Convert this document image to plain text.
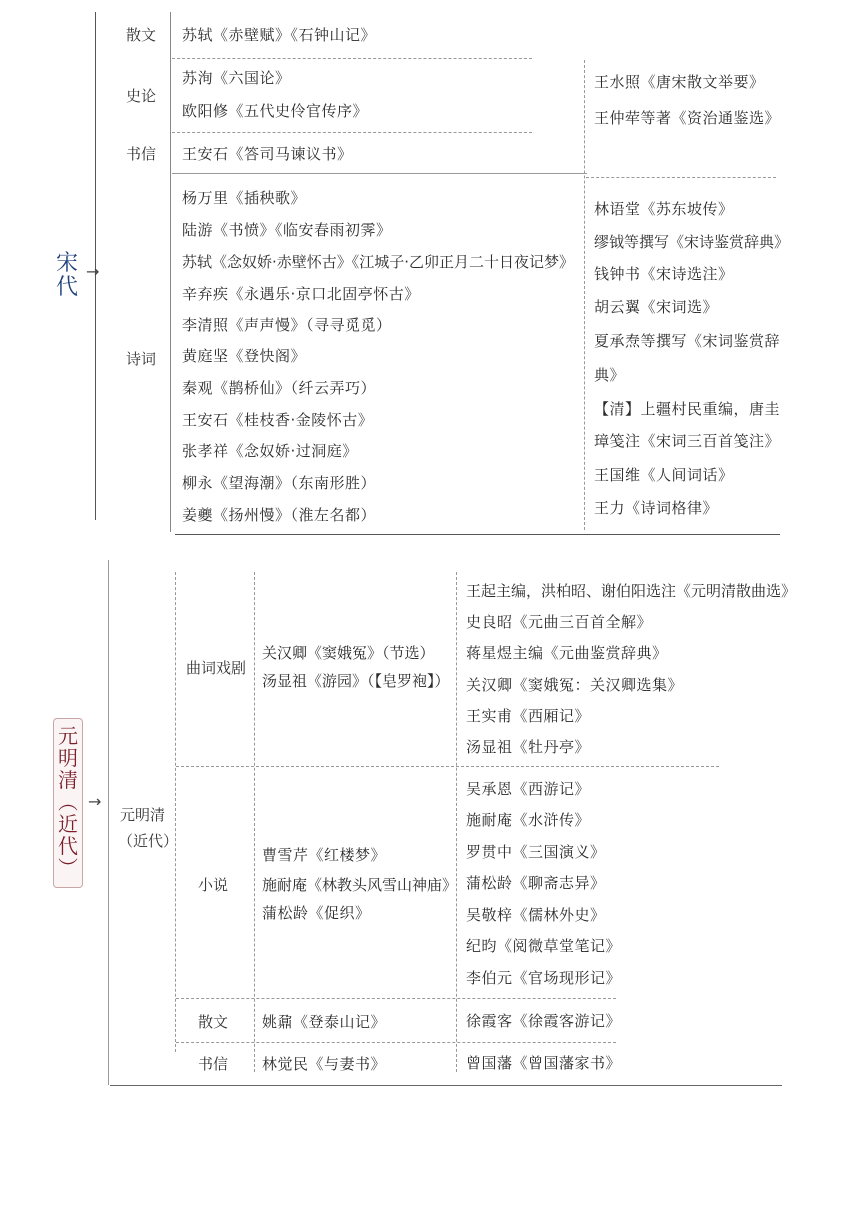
宋代
→
散文
史论
书信
诗词
苏轼《赤壁赋》《石钟山记》
苏洵《六国论》
欧阳修《五代史伶官传序》
王安石《答司马谏议书》
杨万里《插秧歌》
陆游《书愤》《临安春雨初霁》
苏轼《念奴娇·赤壁怀古》《江城子·乙卯正月二十日夜记梦》
辛弃疾《永遇乐·京口北固亭怀古》
李清照《声声慢》（寻寻觅觅）
黄庭坚《登快阁》
秦观《鹊桥仙》（纤云弄巧）
王安石《桂枝香·金陵怀古》
张孝祥《念奴娇·过洞庭》
柳永《望海潮》（东南形胜）
姜夔《扬州慢》（淮左名都）
王水照《唐宋散文举要》
王仲荦等著《资治通鉴选》
林语堂《苏东坡传》
缪钺等撰写《宋诗鉴赏辞典》
钱钟书《宋诗选注》
胡云翼《宋词选》
夏承焘等撰写《宋词鉴赏辞
典》
【清】上疆村民重编，唐圭
璋笺注《宋词三百首笺注》
王国维《人间词话》
王力《诗词格律》
元
明
清
︵
近
代
︶
→
元明清
（近代）
曲词戏剧
关汉卿《窦娥冤》（节选）
汤显祖《游园》（【皂罗袍】）
王起主编，洪柏昭、谢伯阳选注《元明清散曲选》
史良昭《元曲三百首全解》
蒋星煜主编《元曲鉴赏辞典》
关汉卿《窦娥冤：关汉卿选集》
王实甫《西厢记》
汤显祖《牡丹亭》
小说
曹雪芹《红楼梦》
施耐庵《林教头风雪山神庙》
蒲松龄《促织》
吴承恩《西游记》
施耐庵《水浒传》
罗贯中《三国演义》
蒲松龄《聊斋志异》
吴敬梓《儒林外史》
纪昀《阅微草堂笔记》
李伯元《官场现形记》
散文 姚鼐《登泰山记》	徐霞客《徐霞客游记》
书信 林觉民《与妻书》	曾国藩《曾国藩家书》
